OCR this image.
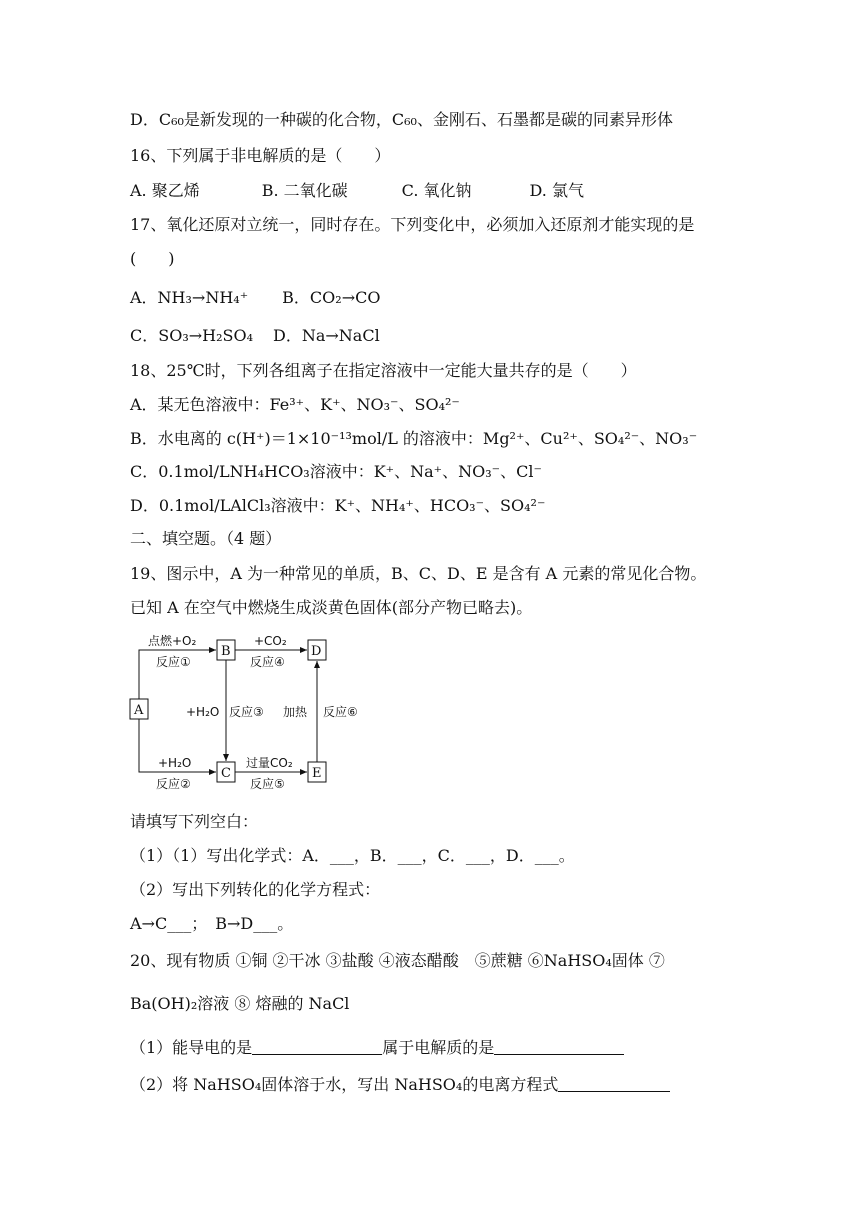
D．C₆₀是新发现的一种碳的化合物，C₆₀、金刚石、石墨都是碳的同素异形体
16、下列属于非电解质的是（　　）
A. 聚乙烯	B. 二氧化碳	C. 氧化钠	D. 氯气
17、氧化还原对立统一，同时存在。下列变化中，必须加入还原剂才能实现的是
(　　)
A．NH₃→NH₄⁺ B．CO₂→CO
C．SO₃→H₂SO₄ D．Na→NaCl
18、25℃时，下列各组离子在指定溶液中一定能大量共存的是（　　）
A．某无色溶液中：Fe³⁺、K⁺、NO₃⁻、SO₄²⁻
B．水电离的 c(H⁺)＝1×10⁻¹³mol/L 的溶液中：Mg²⁺、Cu²⁺、SO₄²⁻、NO₃⁻
C．0.1mol/LNH₄HCO₃溶液中：K⁺、Na⁺、NO₃⁻、Cl⁻
D．0.1mol/LAlCl₃溶液中：K⁺、NH₄⁺、HCO₃⁻、SO₄²⁻
二、填空题。（4 题）
19、图示中，A 为一种常见的单质，B、C、D、E 是含有 A 元素的常见化合物。
已知 A 在空气中燃烧生成淡黄色固体(部分产物已略去)。
A
B
C
D
E
点燃+O₂
反应①
+CO₂
反应④
+H₂O
反应②
过量CO₂
反应⑤
+H₂O 反应③ 加热 反应⑥
请填写下列空白：
（1）（1）写出化学式：A．___，B．___，C．___，D．___。
（2）写出下列转化的化学方程式：
A→C___；　B→D___。
20、现有物质 ①铜 ②干冰 ③盐酸 ④液态醋酸　⑤蔗糖 ⑥NaHSO₄固体 ⑦
Ba(OH)₂溶液 ⑧ 熔融的 NaCl
（1）能导电的是	属于电解质的是
（2）将 NaHSO₄固体溶于水，写出 NaHSO₄的电离方程式
